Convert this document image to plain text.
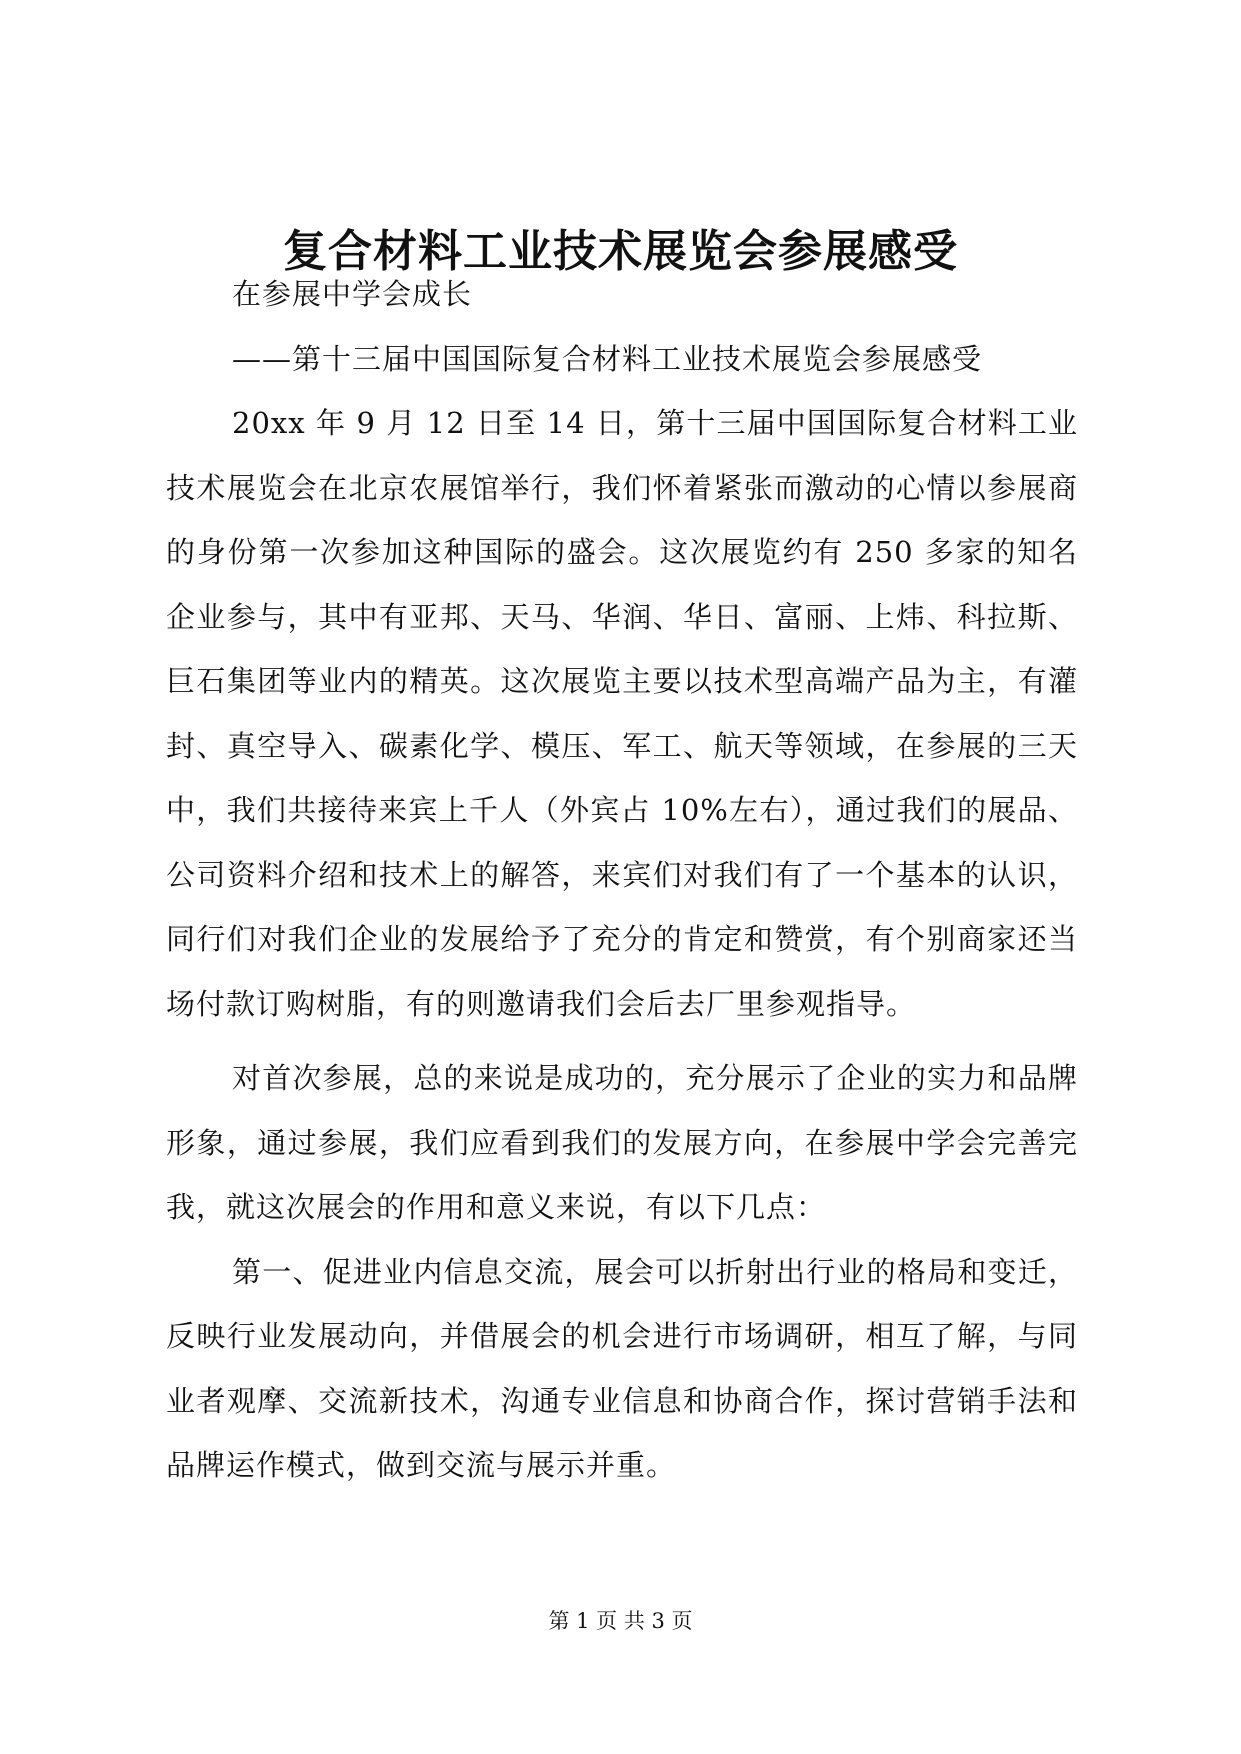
复合材料工业技术展览会参展感受

在参展中学会成长

——第十三届中国国际复合材料工业技术展览会参展感受

20xx 年 9 月 12 日至 14 日，第十三届中国国际复合材料工业技术展览会在北京农展馆举行，我们怀着紧张而激动的心情以参展商的身份第一次参加这种国际的盛会。这次展览约有 250 多家的知名企业参与，其中有亚邦、天马、华润、华日、富丽、上炜、科拉斯、巨石集团等业内的精英。这次展览主要以技术型高端产品为主，有灌封、真空导入、碳素化学、模压、军工、航天等领域，在参展的三天中，我们共接待来宾上千人（外宾占 10%左右），通过我们的展品、公司资料介绍和技术上的解答，来宾们对我们有了一个基本的认识，同行们对我们企业的发展给予了充分的肯定和赞赏，有个别商家还当场付款订购树脂，有的则邀请我们会后去厂里参观指导。

对首次参展，总的来说是成功的，充分展示了企业的实力和品牌形象，通过参展，我们应看到我们的发展方向，在参展中学会完善完我，就这次展会的作用和意义来说，有以下几点：

第一、促进业内信息交流，展会可以折射出行业的格局和变迁，反映行业发展动向，并借展会的机会进行市场调研，相互了解，与同业者观摩、交流新技术，沟通专业信息和协商合作，探讨营销手法和品牌运作模式，做到交流与展示并重。

第 1 页 共 3 页
